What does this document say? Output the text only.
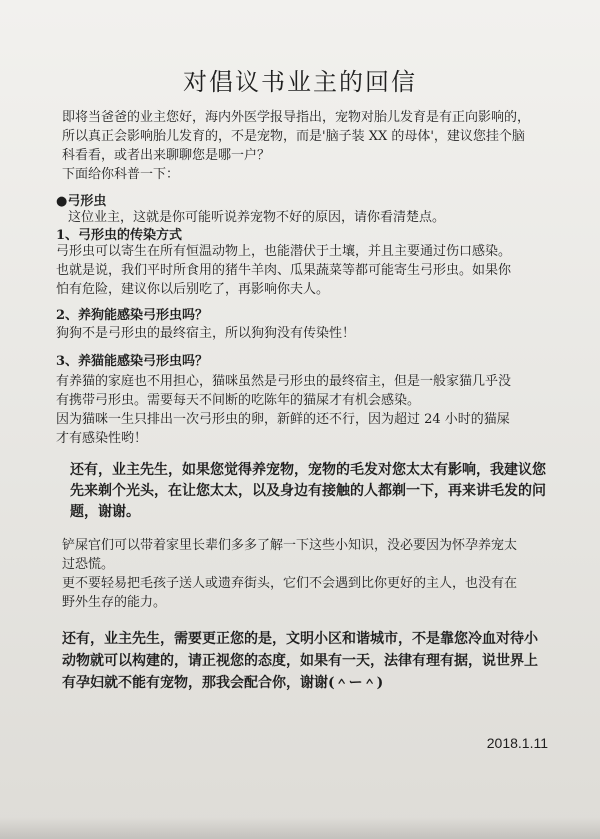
对倡议书业主的回信
即将当爸爸的业主您好，海内外医学报导指出，宠物对胎儿发育是有正向影响的，
所以真正会影响胎儿发育的，不是宠物，而是'脑子装 XX 的母体'，建议您挂个脑
科看看，或者出来聊聊您是哪一户？
下面给你科普一下：
●弓形虫
这位业主，这就是你可能听说养宠物不好的原因，请你看清楚点。
1、弓形虫的传染方式
弓形虫可以寄生在所有恒温动物上，也能潜伏于土壤，并且主要通过伤口感染。
也就是说，我们平时所食用的猪牛羊肉、瓜果蔬菜等都可能寄生弓形虫。如果你
怕有危险，建议你以后别吃了，再影响你夫人。
2、养狗能感染弓形虫吗？
狗狗不是弓形虫的最终宿主，所以狗狗没有传染性！
3、养猫能感染弓形虫吗？
有养猫的家庭也不用担心，猫咪虽然是弓形虫的最终宿主，但是一般家猫几乎没
有携带弓形虫。需要每天不间断的吃陈年的猫屎才有机会感染。
因为猫咪一生只排出一次弓形虫的卵，新鲜的还不行，因为超过 24 小时的猫屎
才有感染性哟！
还有，业主先生，如果您觉得养宠物，宠物的毛发对您太太有影响，我建议您
先来剃个光头，在让您太太，以及身边有接触的人都剃一下，再来讲毛发的问
题，谢谢。
铲屎官们可以带着家里长辈们多多了解一下这些小知识，没必要因为怀孕养宠太
过恐慌。
更不要轻易把毛孩子送人或遗弃街头，它们不会遇到比你更好的主人，也没有在
野外生存的能力。
还有，业主先生，需要更正您的是，文明小区和谐城市，不是靠您冷血对待小
动物就可以构建的，请正视您的态度，如果有一天，法律有理有据，说世界上
有孕妇就不能有宠物，那我会配合你，谢谢(＾ー＾)
2018.1.11
